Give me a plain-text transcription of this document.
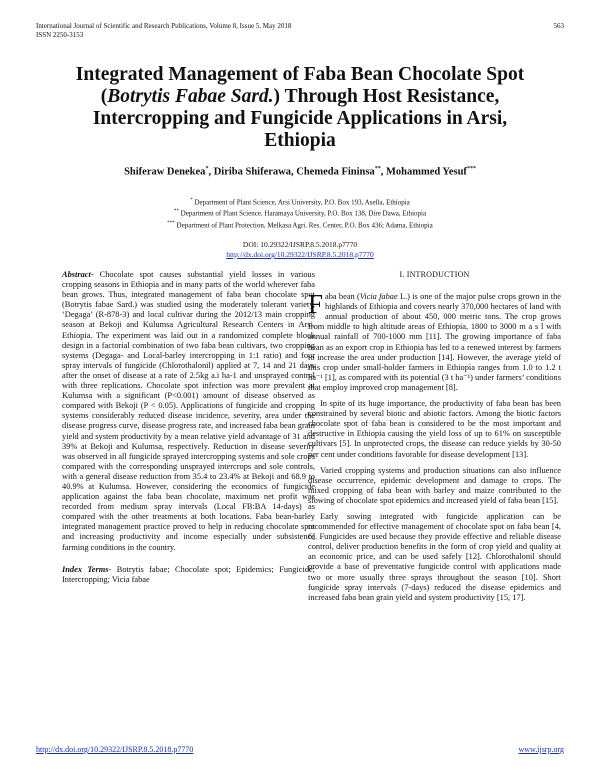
International Journal of Scientific and Research Publications, Volume 8, Issue 5, May 2018
ISSN 2250-3153
563
Integrated Management of Faba Bean Chocolate Spot (Botrytis Fabae Sard.) Through Host Resistance, Intercropping and Fungicide Applications in Arsi, Ethiopia
Shiferaw Denekea*, Diriba Shiferawa, Chemeda Fininsa**, Mohammed Yesuf***
* Department of Plant Science, Arsi University, P.O. Box 193, Asella, Ethiopia
** Department of Plant Science, Haramaya University, P.O. Box 138, Dire Dawa, Ethiopia
*** Department of Plant Protection, Melkasa Agri. Res. Center, P.O. Box 436; Adama, Ethiopia
DOI: 10.29322/IJSRP.8.5.2018.p7770
http://dx.doi.org/10.29322/IJSRP.8.5.2018.p7770

Abstract- Chocolate spot causes substantial yield losses in various cropping seasons in Ethiopia and in many parts of the world wherever faba bean grows. Thus, integrated management of faba bean chocolate spot (Botrytis fabae Sard.) was studied using the moderately tolerant variety, ‘Degaga’ (R-878-3) and local cultivar during the 2012/13 main cropping season at Bekoji and Kulumsa Agricultural Research Centers in Arsi, Ethiopia. The experiment was laid out in a randomized complete block design in a factorial combination of two faba bean cultivars, two cropping systems (Degaga- and Local-barley intercropping in 1:1 ratio) and four spray intervals of fungicide (Chlorothalonil) applied at 7, 14 and 21 days after the onset of disease at a rate of 2.5kg a.i ha-1 and unsprayed control with three replications. Chocolate spot infection was more prevalent at Kulumsa with a significant (P<0.001) amount of disease observed as compared with Bekoji (P < 0.05). Applications of fungicide and cropping systems considerably reduced disease incidence, severity, area under the disease progress curve, disease progress rate, and increased faba bean grain yield and system productivity by a mean relative yield advantage of 31 and 39% at Bekoji and Kulumsa, respectively. Reduction in disease severity was observed in all fungicide sprayed intercropping systems and sole crops compared with the corresponding unsprayed intercrops and sole controls, with a general disease reduction from 35.4 to 23.4% at Bekoji and 68.9 to 40.9% at Kulumsa. However, considering the economics of fungicide application against the faba bean chocolate, maximum net profit was recorded from medium spray intervals (Local FB:BA 14-days) as compared with the other treatments at both locations. Faba bean-barley integrated management practice proved to help in reducing chocolate spot and increasing productivity and income especially under subsistence farming conditions in the country.

Index Terms- Botrytis fabae; Chocolate spot; Epidemics; Fungicide; Intercropping; Vicia fabae

I. INTRODUCTION

Faba bean (Vicia fabae L.) is one of the major pulse crops grown in the highlands of Ethiopia and covers nearly 370,000 hectares of land with annual production of about 450, 000 metric tons. The crop grows from middle to high altitude areas of Ethiopia, 1800 to 3000 m a s l with annual rainfall of 700-1000 mm [11]. The growing importance of faba bean as an export crop in Ethiopia has led to a renewed interest by farmers to increase the area under production [14]. However, the average yield of this crop under small-holder farmers in Ethiopia ranges from 1.0 to 1.2 t ha⁻¹ [1], as compared with its potential (3 t ha⁻¹) under farmers’ conditions that employ improved crop management [8].

In spite of its huge importance, the productivity of faba bean has been constrained by several biotic and abiotic factors. Among the biotic factors chocolate spot of faba bean is considered to be the most important and destructive in Ethiopia causing the yield loss of up to 61% on susceptible cultivars [5]. In unprotected crops, the disease can reduce yields by 30-50 per cent under conditions favorable for disease development [13].

Varied cropping systems and production situations can also influence disease occurrence, epidemic development and damage to crops. The mixed cropping of faba bean with barley and maize contributed to the slowing of chocolate spot epidemics and increased yield of faba bean [15].

Early sowing integrated with fungicide application can be recommended for effective management of chocolate spot on faba bean [4, 6]. Fungicides are used because they provide effective and reliable disease control, deliver production benefits in the form of crop yield and quality at an economic price, and can be used safely [12]. Chlorothalonil should provide a base of preventative fungicide control with applications made two or more usually three sprays throughout the season [10]. Short fungicide spray intervals (7-days) reduced the disease epidemics and increased faba bean grain yield and system productivity [15, 17].

http://dx.doi.org/10.29322/IJSRP.8.5.2018.p7770	www.ijsrp.org
